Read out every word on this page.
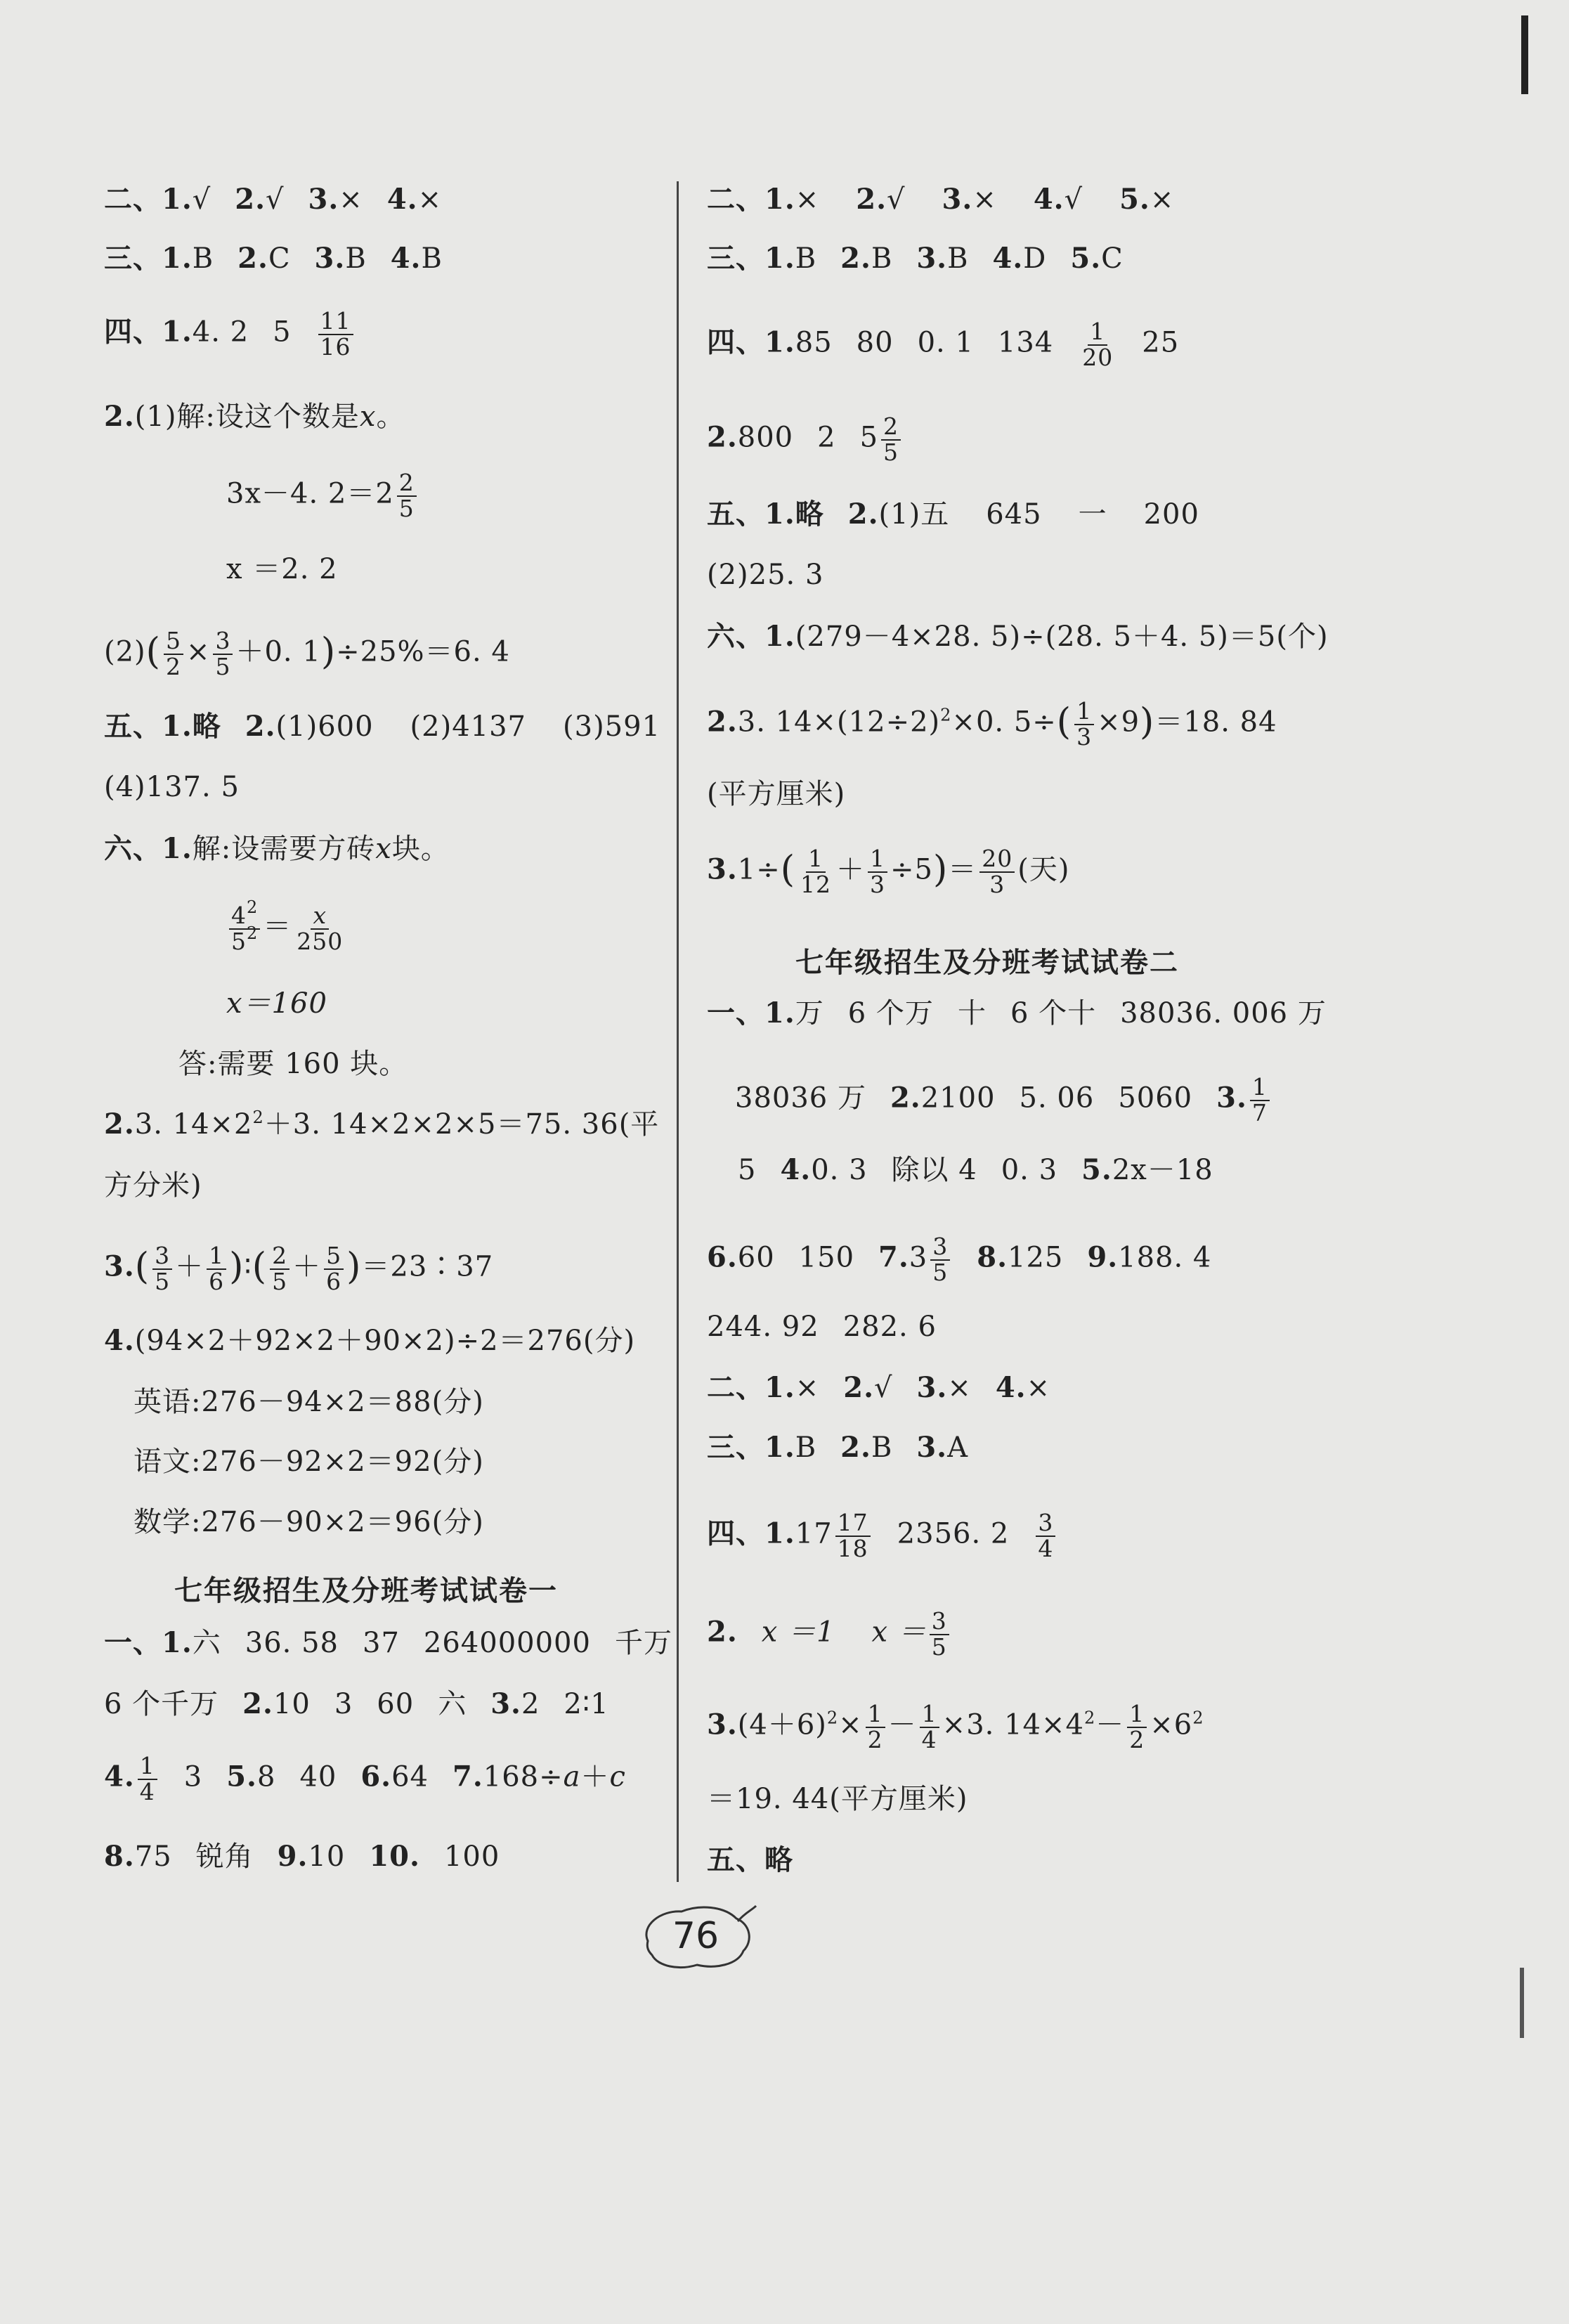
二、1.√ 2.√ 3.× 4.×
三、1.B 2.C 3.B 4.B
四、1.4. 2 $5 \frac{11}{16}$
2.(1)解:设这个数是x。
3x－4. $2=2 \frac{2}{5}$
x ＝2. 2
$(2)( \frac{5}{2} \times \frac{3}{5} +0$. 1)÷25%＝6. 4
五、1.略 2.(1)600 (2)4137 (3)591
(4)137. 5
六、1.解:设需要方砖x块。
$\frac{4^2}{5^2} = \frac{x}{250}$
x＝160
答:需要 160 块。
2.3. $14\times 2^2+3$. 14×2×2×5＝75. 36(平
方分米)
$3.( \frac{3}{5} + \frac{1}{6}$ )∶( $\frac{2}{5} + \frac{5}{6}$ )＝23∶37
4.(94×2＋92×2＋90×2)÷2＝276(分)
英语:276－94×2＝88(分)
语文:276－92×2＝92(分)
数学:276－90×2＝96(分)
七年级招生及分班考试试卷一
一、1.六 36. 58 37 264000000 千万
6 个千万 2.10 3 60 六 3.2 2∶1
4. $\frac{1}{4} 3$ 5.8 40 6.64 7.168÷a＋c
8.75 锐角 9.10 10. 100
二、1.× 2.√ 3.× 4.√ 5.×
三、1.B 2.B 3.B 4.D 5.C
四、1.85 80 0. 1 $134 \frac{1}{20} 25$
2.800 2 $5 \frac{2}{5}$
五、1.略 2.(1)五 645 一 200
(2)25. 3
六、1.(279－4×28. 5)÷(28. 5＋4. 5)＝5(个)
2.3. $14\times(12\div 2)^2\times 0$. $5\div( \frac{1}{3} \times 9)=18$. 84
(平方厘米)
$3.1\div( \frac{1}{12} + \frac{1}{3} \div 5)= \frac{20}{3}$ (天)
七年级招生及分班考试试卷二
一、1.万 6 个万 十 6 个十 38036. 006 万
38036 万 2.2100 5. 06 5060 3. $\frac{1}{7}$
5 4.0. 3 除以 4 0. 3 5.2x－18
6.60 150 $7.3 \frac{3}{5} 8.125$ 9.188. 4
244. 92 282. 6
二、1.× 2.√ 3.× 4.×
三、1.B 2.B 3.A
四、$1.17 \frac{17}{18} 2356$. $2 \frac{3}{4}$
2. x ＝1 $x = \frac{3}{5}$
$3.(4+6)^2\times \frac{1}{2} - \frac{1}{4} \times 3$. $14\times 4^2- \frac{1}{2} \times 6^2$
＝19. 44(平方厘米)
五、略
76
